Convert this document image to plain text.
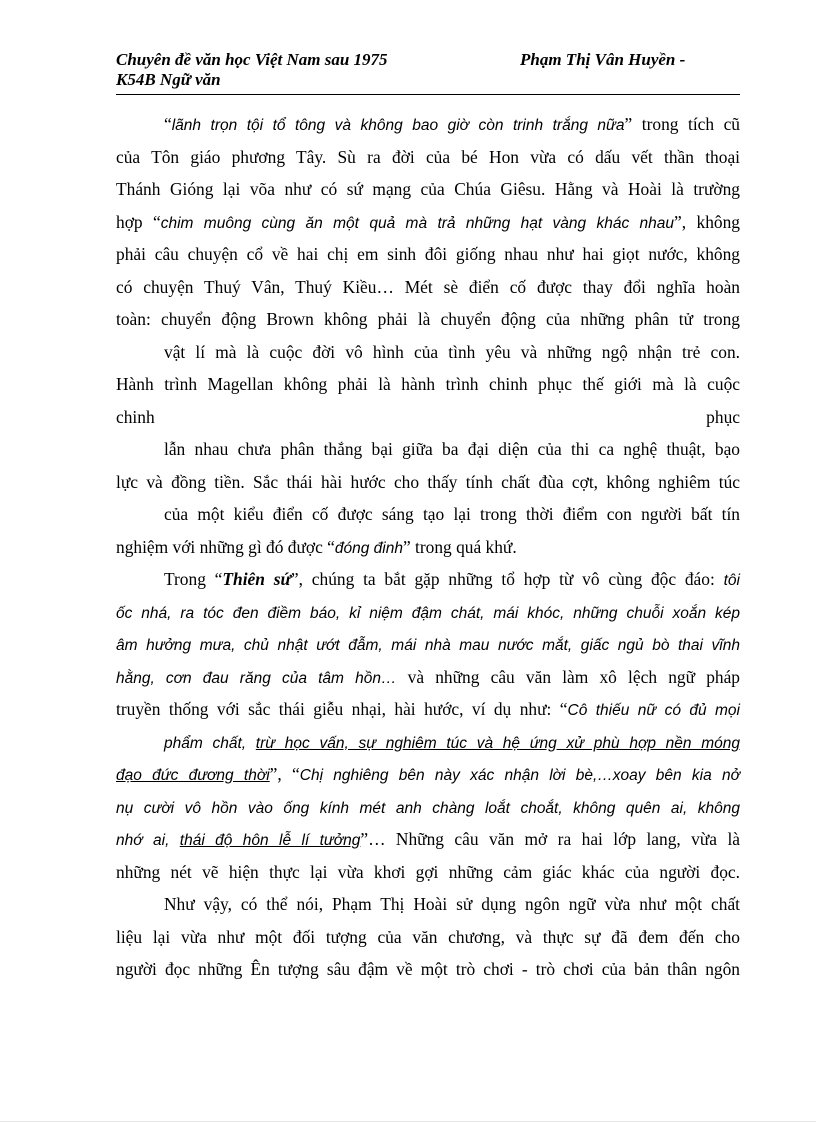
Chuyên đề văn học Việt Nam sau 1975	Phạm Thị Vân Huyền -
K54B Ngữ văn
“lãnh trọn tội tổ tông và không bao giờ còn trinh trắng nữa” trong tích cũ
của Tôn giáo phương Tây. Sù ra đời của bé Hon vừa có dấu vết thần thoại
Thánh Gióng lại võa như có sứ mạng của Chúa Giêsu. Hằng và Hoài là trường
hợp “chim muông cùng ăn một quả mà trả những hạt vàng khác nhau”, không
phải câu chuyện cổ về hai chị em sinh đôi giống nhau như hai giọt nước, không
có chuyện Thuý Vân, Thuý Kiều… Mét sè điển cố được thay đổi nghĩa hoàn
toàn: chuyển động Brown không phải là chuyển động của những phân tử trong
vật lí mà là cuộc đời vô hình của tình yêu và những ngộ nhận trẻ con.
Hành trình Magellan không phải là hành trình chinh phục thế giới mà là cuộc
chinh phục
lẫn nhau chưa phân thắng bại giữa ba đại diện của thi ca nghệ thuật, bạo
lực và đồng tiền. Sắc thái hài hước cho thấy tính chất đùa cợt, không nghiêm túc
của một kiểu điển cố được sáng tạo lại trong thời điểm con người bất tín
nghiệm với những gì đó được “đóng đinh” trong quá khứ.
Trong “Thiên sứ”, chúng ta bắt gặp những tổ hợp từ vô cùng độc đáo: tôi
ốc nhá, ra tóc đen điềm báo, kỉ niệm đậm chát, mái khóc, những chuỗi xoắn kép
âm hưởng mưa, chủ nhật ướt đẫm, mái nhà mau nước mắt, giấc ngủ bò thai vĩnh
hằng, cơn đau răng của tâm hồn… và những câu văn làm xô lệch ngữ pháp
truyền thống với sắc thái giễu nhại, hài hước, ví dụ như: “Cô thiếu nữ có đủ mọi
phẩm chất, trừ học vấn, sự nghiêm túc và hệ ứng xử phù hợp nền móng
đạo đức đương thời”, “Chị nghiêng bên này xác nhận lời bè,…xoay bên kia nở
nụ cười vô hồn vào ống kính mét anh chàng loắt choắt, không quên ai, không
nhớ ai, thái độ hôn lễ lí tưởng”… Những câu văn mở ra hai lớp lang, vừa là
những nét vẽ hiện thực lại vừa khơi gợi những cảm giác khác của người đọc.
Như vậy, có thể nói, Phạm Thị Hoài sử dụng ngôn ngữ vừa như một chất
liệu lại vừa như một đối tượng của văn chương, và thực sự đã đem đến cho
người đọc những Ên tượng sâu đậm về một trò chơi - trò chơi của bản thân ngôn
